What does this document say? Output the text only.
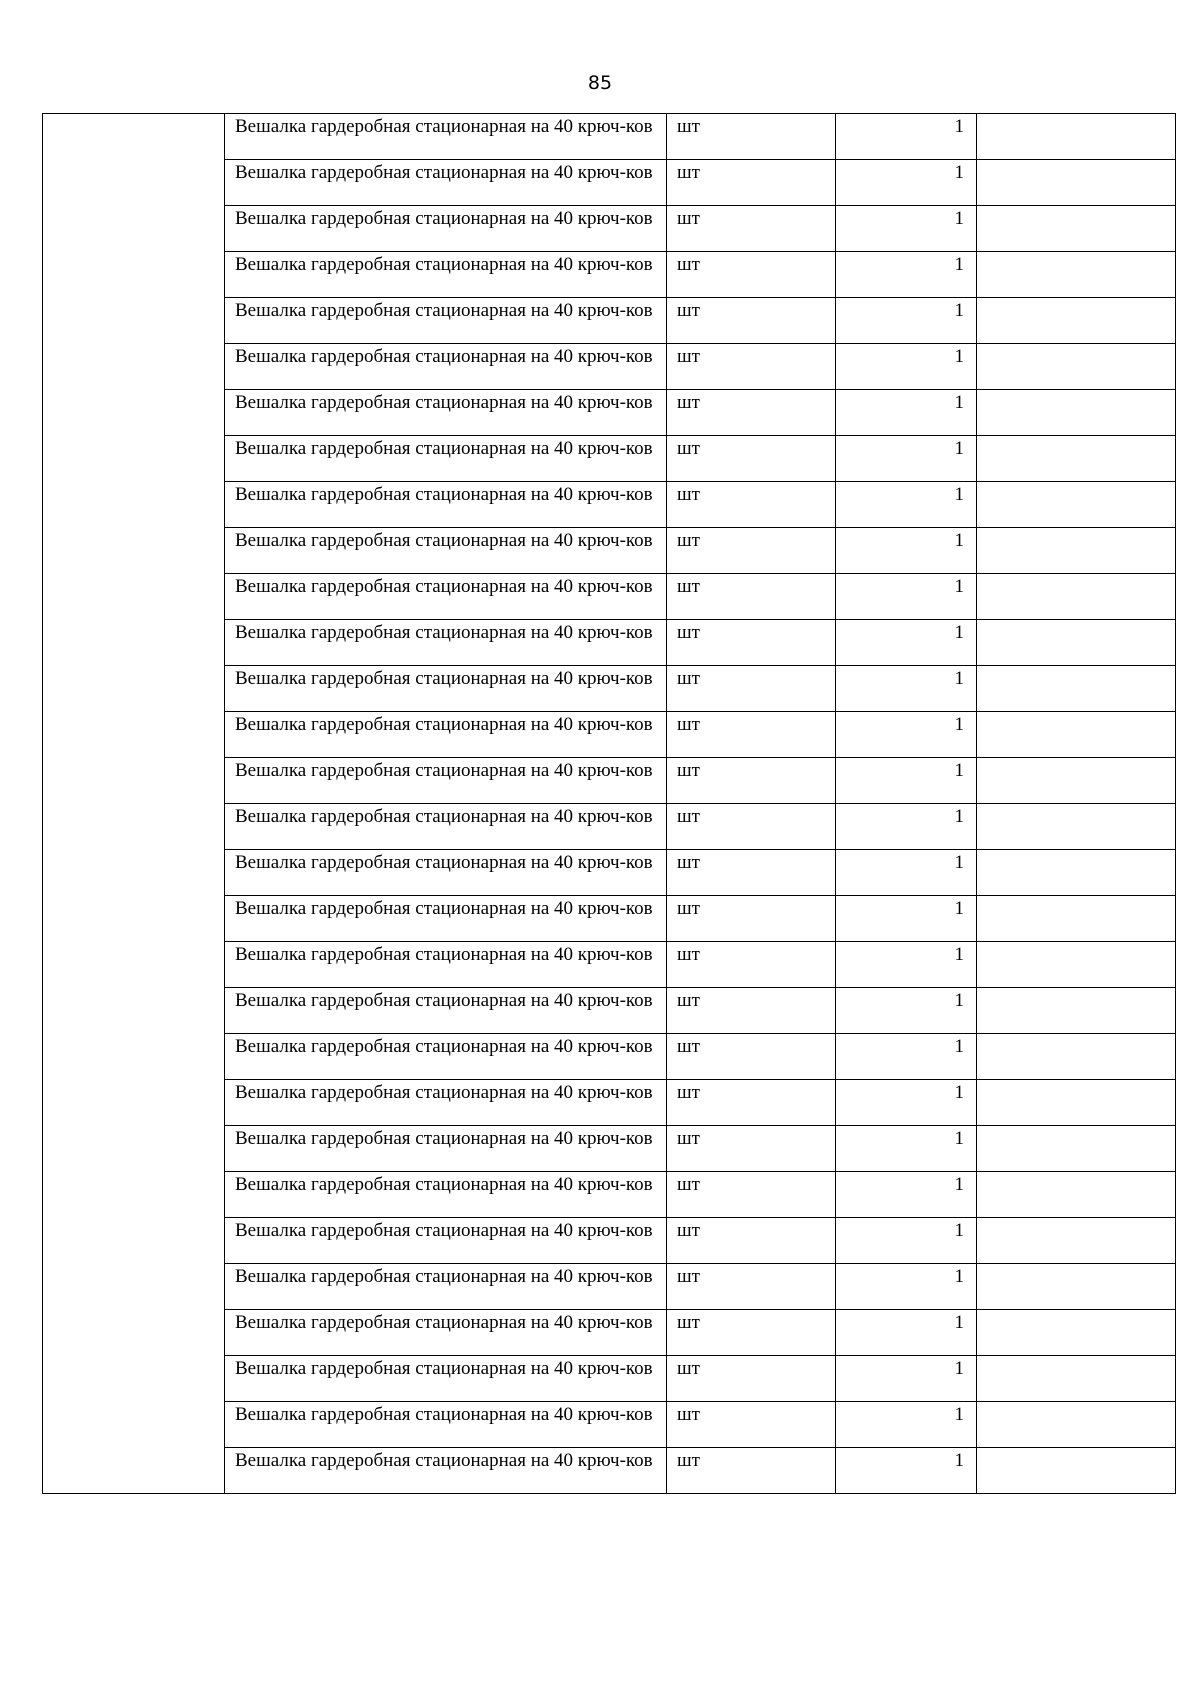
85
	Вешалка гардеробная стационарная на 40 крюч-ков	шт	1	
	Вешалка гардеробная стационарная на 40 крюч-ков	шт	1	
	Вешалка гардеробная стационарная на 40 крюч-ков	шт	1	
	Вешалка гардеробная стационарная на 40 крюч-ков	шт	1	
	Вешалка гардеробная стационарная на 40 крюч-ков	шт	1	
	Вешалка гардеробная стационарная на 40 крюч-ков	шт	1	
	Вешалка гардеробная стационарная на 40 крюч-ков	шт	1	
	Вешалка гардеробная стационарная на 40 крюч-ков	шт	1	
	Вешалка гардеробная стационарная на 40 крюч-ков	шт	1	
	Вешалка гардеробная стационарная на 40 крюч-ков	шт	1	
	Вешалка гардеробная стационарная на 40 крюч-ков	шт	1	
	Вешалка гардеробная стационарная на 40 крюч-ков	шт	1	
	Вешалка гардеробная стационарная на 40 крюч-ков	шт	1	
	Вешалка гардеробная стационарная на 40 крюч-ков	шт	1	
	Вешалка гардеробная стационарная на 40 крюч-ков	шт	1	
	Вешалка гардеробная стационарная на 40 крюч-ков	шт	1	
	Вешалка гардеробная стационарная на 40 крюч-ков	шт	1	
	Вешалка гардеробная стационарная на 40 крюч-ков	шт	1	
	Вешалка гардеробная стационарная на 40 крюч-ков	шт	1	
	Вешалка гардеробная стационарная на 40 крюч-ков	шт	1	
	Вешалка гардеробная стационарная на 40 крюч-ков	шт	1	
	Вешалка гардеробная стационарная на 40 крюч-ков	шт	1	
	Вешалка гардеробная стационарная на 40 крюч-ков	шт	1	
	Вешалка гардеробная стационарная на 40 крюч-ков	шт	1	
	Вешалка гардеробная стационарная на 40 крюч-ков	шт	1	
	Вешалка гардеробная стационарная на 40 крюч-ков	шт	1	
	Вешалка гардеробная стационарная на 40 крюч-ков	шт	1	
	Вешалка гардеробная стационарная на 40 крюч-ков	шт	1	
	Вешалка гардеробная стационарная на 40 крюч-ков	шт	1	
	Вешалка гардеробная стационарная на 40 крюч-ков	шт	1	
